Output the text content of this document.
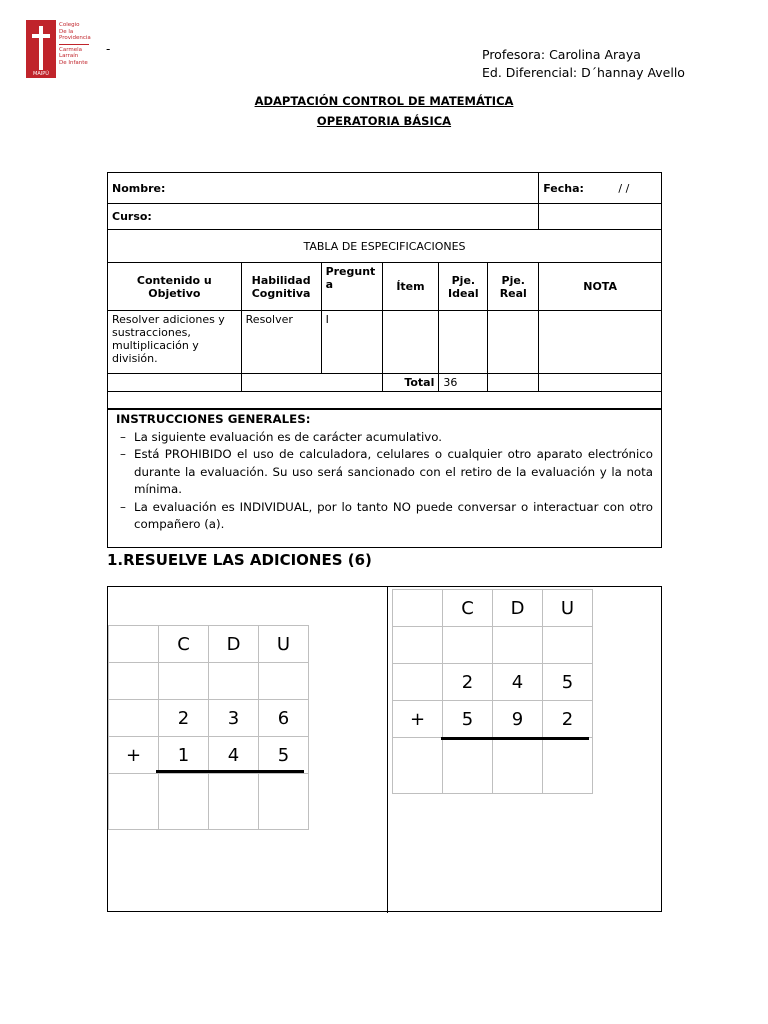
MAIPÚ
Colegio
De la
Providencia
Carmela
Larraín
De Infante
-	Profesora: Carolina Araya
Ed. Diferencial: D´hannay Avello
ADAPTACIÓN CONTROL DE MATEMÁTICA
OPERATORIA BÁSICA
Nombre:						Fecha: / /
Curso:						
TABLA DE ESPECIFICACIONES						
Contenido u Objetivo	Habilidad Cognitiva	Pregunt a	Ítem	Pje. Ideal	Pje. Real	NOTA
Resolver adiciones y sustracciones, multiplicación y división.	Resolver	I				
			Total	36		

INSTRUCCIONES GENERALES:
– La siguiente evaluación es de carácter acumulativo.
– Está PROHIBIDO el uso de calculadora, celulares o cualquier otro aparato electrónico durante la evaluación. Su uso será sancionado con el retiro de la evaluación y la nota mínima.
– La evaluación es INDIVIDUAL, por lo tanto NO puede conversar o interactuar con otro compañero (a).
1.RESUELVE LAS ADICIONES (6)
	C	D	U

	2	3	6
+	1	4	5

	C	D	U

	2	4	5
+	5	9	2
